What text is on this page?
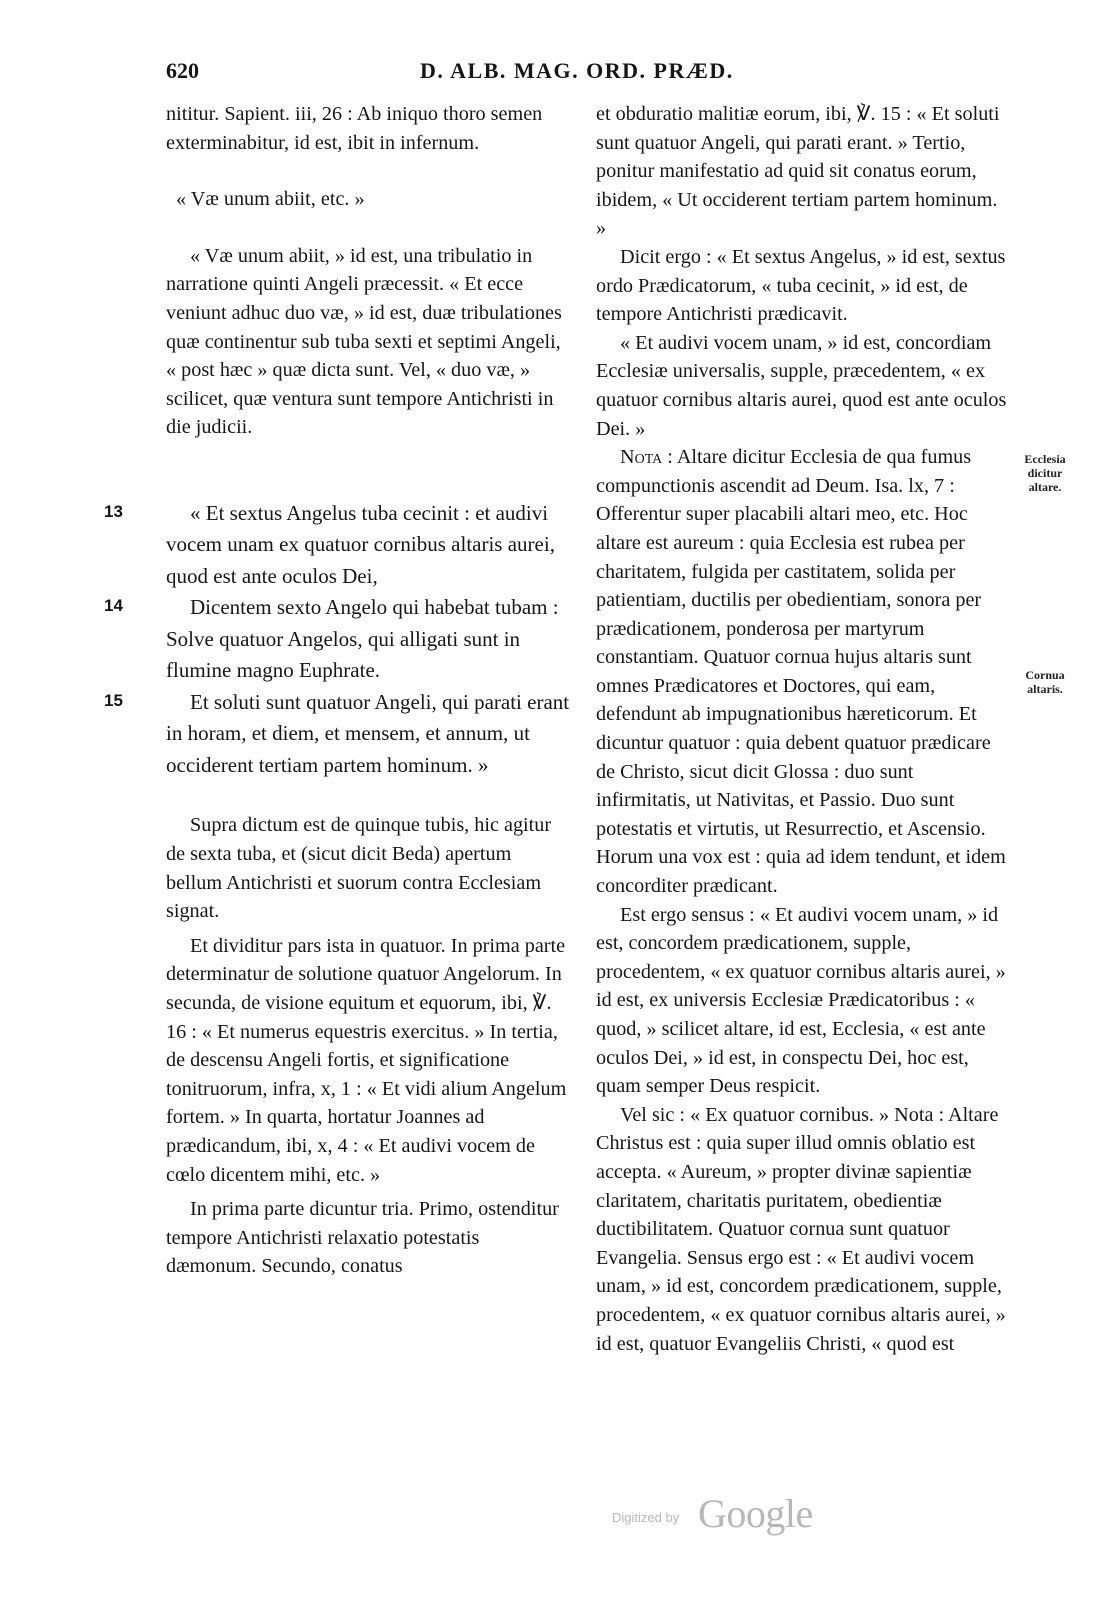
620	D. ALB. MAG. ORD. PRÆD.

nititur. Sapient. iii, 26 : Ab iniquo thoro semen exterminabitur, id est, ibit in infernum.

« Væ unum abiit, etc. »

« Væ unum abiit, » id est, una tribulatio in narratione quinti Angeli præcessit. « Et ecce veniunt adhuc duo væ, » id est, duæ tribulationes quæ continentur sub tuba sexti et septimi Angeli, « post hæc » quæ dicta sunt. Vel, « duo væ, » scilicet, quæ ventura sunt tempore Antichristi in die judicii.

13	« Et sextus Angelus tuba cecinit : et audivi vocem unam ex quatuor cornibus altaris aurei, quod est ante oculos Dei,

14	Dicentem sexto Angelo qui habebat tubam : Solve quatuor Angelos, qui alligati sunt in flumine magno Euphrate.

15	Et soluti sunt quatuor Angeli, qui parati erant in horam, et diem, et mensem, et annum, ut occiderent tertiam partem hominum. »

Supra dictum est de quinque tubis, hic agitur de sexta tuba, et (sicut dicit Beda) apertum bellum Antichristi et suorum contra Ecclesiam signat.

Et dividitur pars ista in quatuor. In prima parte determinatur de solutione quatuor Angelorum. In secunda, de visione equitum et equorum, ibi, ℣. 16 : « Et numerus equestris exercitus. » In tertia, de descensu Angeli fortis, et significatione tonitruorum, infra, x, 1 : « Et vidi alium Angelum fortem. » In quarta, hortatur Joannes ad prædicandum, ibi, x, 4 : « Et audivi vocem de cœlo dicentem mihi, etc. »

In prima parte dicuntur tria. Primo, ostenditur tempore Antichristi relaxatio potestatis dæmonum. Secundo, conatus

et obduratio malitiæ eorum, ibi, ℣. 15 : « Et soluti sunt quatuor Angeli, qui parati erant. » Tertio, ponitur manifestatio ad quid sit conatus eorum, ibidem, « Ut occiderent tertiam partem hominum. »

Dicit ergo : « Et sextus Angelus, » id est, sextus ordo Prædicatorum, « tuba cecinit, » id est, de tempore Antichristi prædicavit.

« Et audivi vocem unam, » id est, concordiam Ecclesiæ universalis, supple, præcedentem, « ex quatuor cornibus altaris aurei, quod est ante oculos Dei. »

Nota : Altare dicitur Ecclesia de qua fumus compunctionis ascendit ad Deum. Isa. lx, 7 : Offerentur super placabili altari meo, etc. Hoc altare est aureum : quia Ecclesia est rubea per charitatem, fulgida per castitatem, solida per patientiam, ductilis per obedientiam, sonora per prædicationem, ponderosa per martyrum constantiam. Quatuor cornua hujus altaris sunt omnes Prædicatores et Doctores, qui eam, defendunt ab impugnationibus hæreticorum. Et dicuntur quatuor : quia debent quatuor prædicare de Christo, sicut dicit Glossa : duo sunt infirmitatis, ut Nativitas, et Passio. Duo sunt potestatis et virtutis, ut Resurrectio, et Ascensio. Horum una vox est : quia ad idem tendunt, et idem concorditer prædicant.

Est ergo sensus : « Et audivi vocem unam, » id est, concordem prædicationem, supple, procedentem, « ex quatuor cornibus altaris aurei, » id est, ex universis Ecclesiæ Prædicatoribus : « quod, » scilicet altare, id est, Ecclesia, « est ante oculos Dei, » id est, in conspectu Dei, hoc est, quam semper Deus respicit.

Vel sic : « Ex quatuor cornibus. » Nota : Altare Christus est : quia super illud omnis oblatio est accepta. « Aureum, » propter divinæ sapientiæ claritatem, charitatis puritatem, obedientiæ ductibilitatem. Quatuor cornua sunt quatuor Evangelia. Sensus ergo est : « Et audivi vocem unam, » id est, concordem prædicationem, supple, procedentem, « ex quatuor cornibus altaris aurei, » id est, quatuor Evangeliis Christi, « quod est

Ecclesia dicitur altare.
Cornua altaris.
Digitized by Google
